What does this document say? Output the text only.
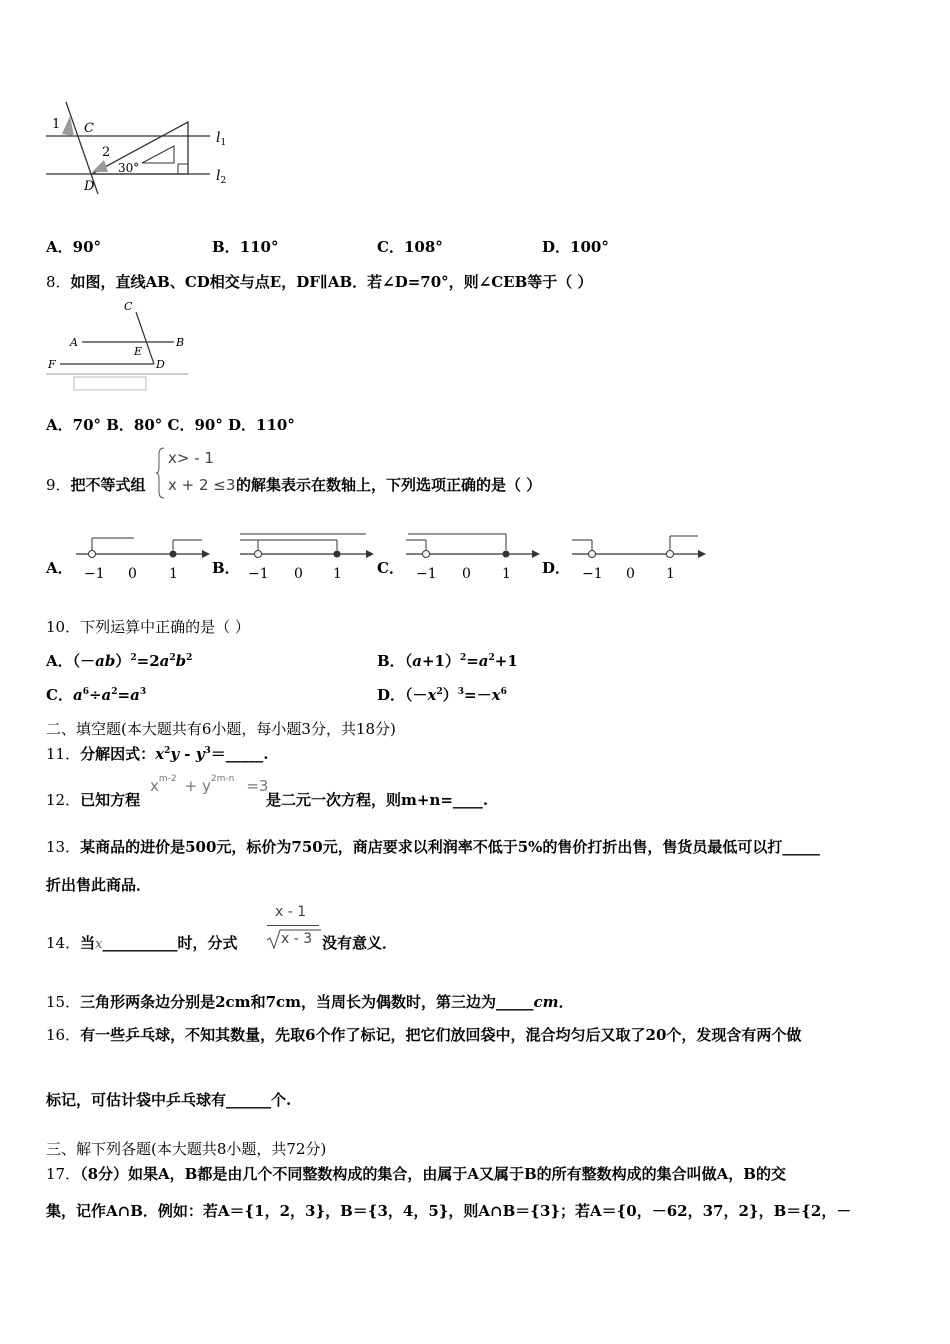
1 C
2
30°
D
$l_1$
$l_2$
A．90°	B．110°	C．108°	D．100°
8．如图，直线AB、CD相交与点E，DF∥AB．若∠D=70°，则∠CEB等于（ ）
C
A	B
E
F	D
A．70° B．80° C．90° D．110°
9．把不等式组
x> - 1
x + 2 ≤3 的解集表示在数轴上，下列选项正确的是（ ）
A． −1 0 1 B． −1 0 1 C． −1 0 1 D． −1 0 1
10．下列运算中正确的是（ ）
A．$(-ab)^2=2a^2b^2$	B．$(a+1)^2=a^2+1$
C．$a^6\div a^2=a^3$	D．$(-x^2)^3=-x^6$
二、填空题(本大题共有6小题，每小题3分，共18分)
11．分解因式：$x^2y$ - $y^3=\_\_\_\_\_$.
12．已知方程
$x^{m-2} + y^{2m-n} =3$
是二元一次方程，则m+n=____.
13．某商品的进价是500元，标价为750元，商店要求以利润率不低于5%的售价打折出售，售货员最低可以打_____
折出售此商品．
14．当x__________时，分式
x - 1
x - 3 没有意义．
15．三角形两条边分别是2cm和7cm，当周长为偶数时，第三边为_____cm．
16．有一些乒乓球，不知其数量，先取6个作了标记，把它们放回袋中，混合均匀后又取了20个，发现含有两个做
标记，可估计袋中乒乓球有______个.
三、解下列各题(本大题共8小题，共72分)
17．（8分）如果A，B都是由几个不同整数构成的集合，由属于A又属于B的所有整数构成的集合叫做A，B的交
集，记作A∩B．例如：若A＝{1，2，3}，B＝{3，4，5}，则A∩B＝{3}；若A＝{0，－62，37，2}，B＝{2，－
